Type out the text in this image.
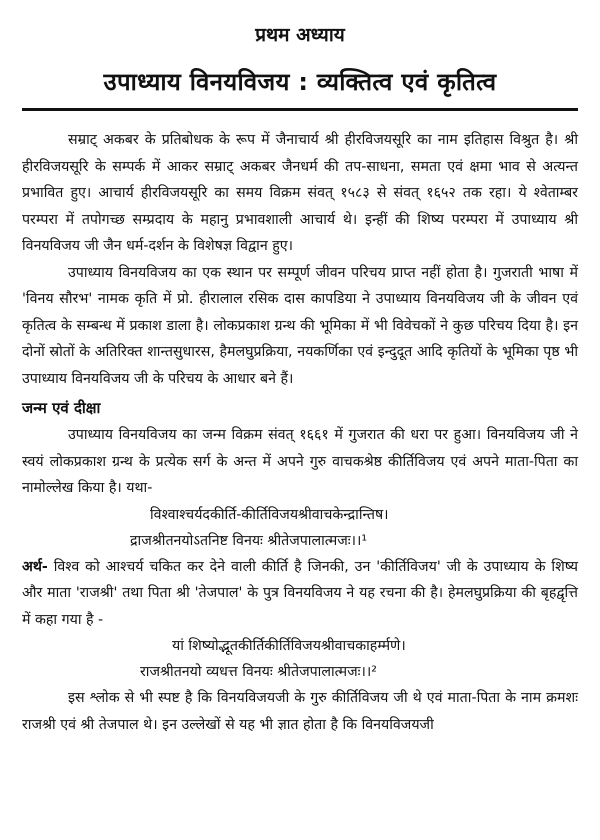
प्रथम अध्याय
उपाध्याय विनयविजय : व्यक्तित्व एवं कृतित्व

सम्राट् अकबर के प्रतिबोधक के रूप में जैनाचार्य श्री हीरविजयसूरि का नाम इतिहास विश्रुत है। श्री हीरविजयसूरि के सम्पर्क में आकर सम्राट् अकबर जैनधर्म की तप-साधना, समता एवं क्षमा भाव से अत्यन्त प्रभावित हुए। आचार्य हीरविजयसूरि का समय विक्रम संवत् १५८३ से संवत् १६५२ तक रहा। ये श्वेताम्बर परम्परा में तपोगच्छ सम्प्रदाय के महानु प्रभावशाली आचार्य थे। इन्हीं की शिष्य परम्परा में उपाध्याय श्री विनयविजय जी जैन धर्म-दर्शन के विशेषज्ञ विद्वान हुए।

उपाध्याय विनयविजय का एक स्थान पर सम्पूर्ण जीवन परिचय प्राप्त नहीं होता है। गुजराती भाषा में 'विनय सौरभ' नामक कृति में प्रो. हीरालाल रसिक दास कापडिया ने उपाध्याय विनयविजय जी के जीवन एवं कृतित्व के सम्बन्ध में प्रकाश डाला है। लोकप्रकाश ग्रन्थ की भूमिका में भी विवेचकों ने कुछ परिचय दिया है। इन दोनों स्रोतों के अतिरिक्त शान्तसुधारस, हैमलघुप्रक्रिया, नयकर्णिका एवं इन्दुदूत आदि कृतियों के भूमिका पृष्ठ भी उपाध्याय विनयविजय जी के परिचय के आधार बने हैं।

जन्म एवं दीक्षा

उपाध्याय विनयविजय का जन्म विक्रम संवत् १६६१ में गुजरात की धरा पर हुआ। विनयविजय जी ने स्वयं लोकप्रकाश ग्रन्थ के प्रत्येक सर्ग के अन्त में अपने गुरु वाचकश्रेष्ठ कीर्तिविजय एवं अपने माता-पिता का नामोल्लेख किया है। यथा-

विश्वाश्चर्यदकीर्ति-कीर्तिविजयश्रीवाचकेन्द्रान्तिष।

द्राजश्रीतनयोऽतनिष्ट विनयः श्रीतेजपालात्मजः।।¹

अर्थ- विश्व को आश्चर्य चकित कर देने वाली कीर्ति है जिनकी, उन 'कीर्तिविजय' जी के उपाध्याय के शिष्य और माता 'राजश्री' तथा पिता श्री 'तेजपाल' के पुत्र विनयविजय ने यह रचना की है। हेमलघुप्रक्रिया की बृहद्वृत्ति में कहा गया है -

यां शिष्योद्भूतकीर्तिकीर्तिविजयश्रीवाचकाहर्म्मणे।

राजश्रीतनयो व्यधत्त विनयः श्रीतेजपालात्मजः।।²

इस श्लोक से भी स्पष्ट है कि विनयविजयजी के गुरु कीर्तिविजय जी थे एवं माता-पिता के नाम क्रमशः राजश्री एवं श्री तेजपाल थे। इन उल्लेखों से यह भी ज्ञात होता है कि विनयविजयजी
